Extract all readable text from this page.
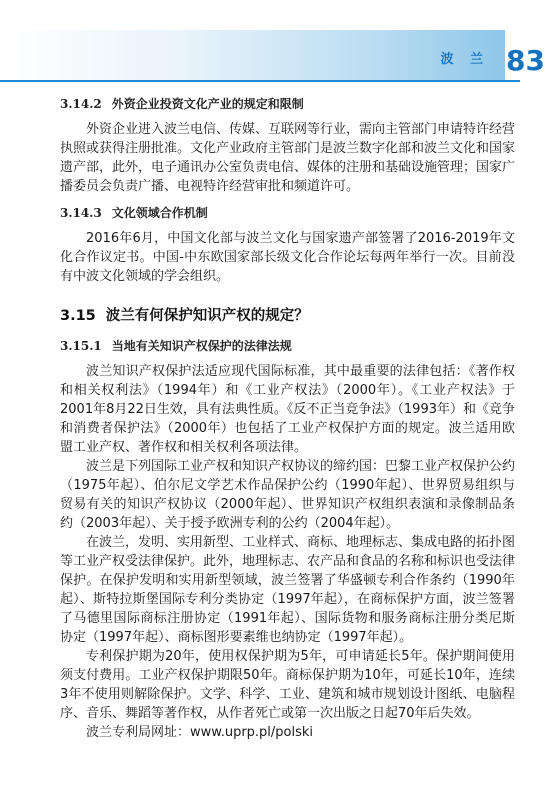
波 兰 83
3.14.2 外资企业投资文化产业的规定和限制

外资企业进入波兰电信、传媒、互联网等行业，需向主管部门申请特许经营执照或获得注册批准。文化产业政府主管部门是波兰数字化部和波兰文化和国家遗产部，此外，电子通讯办公室负责电信、媒体的注册和基础设施管理；国家广播委员会负责广播、电视特许经营审批和频道许可。

3.14.3 文化领域合作机制

2016年6月，中国文化部与波兰文化与国家遗产部签署了2016-2019年文化合作议定书。中国-中东欧国家部长级文化合作论坛每两年举行一次。目前没有中波文化领域的学会组织。

3.15 波兰有何保护知识产权的规定？
3.15.1 当地有关知识产权保护的法律法规

波兰知识产权保护法适应现代国际标准，其中最重要的法律包括：《著作权和相关权利法》（1994年）和《工业产权法》（2000年）。《工业产权法》于2001年8月22日生效，具有法典性质。《反不正当竞争法》（1993年）和《竞争和消费者保护法》（2000年）也包括了工业产权保护方面的规定。波兰适用欧盟工业产权、著作权和相关权利各项法律。

波兰是下列国际工业产权和知识产权协议的缔约国：巴黎工业产权保护公约（1975年起）、伯尔尼文学艺术作品保护公约（1990年起）、世界贸易组织与贸易有关的知识产权协议（2000年起）、世界知识产权组织表演和录像制品条约（2003年起）、关于授予欧洲专利的公约（2004年起）。

在波兰，发明、实用新型、工业样式、商标、地理标志、集成电路的拓扑图等工业产权受法律保护。此外，地理标志、农产品和食品的名称和标识也受法律保护。在保护发明和实用新型领域，波兰签署了华盛顿专利合作条约（1990年起）、斯特拉斯堡国际专利分类协定（1997年起），在商标保护方面，波兰签署了马德里国际商标注册协定（1991年起）、国际货物和服务商标注册分类尼斯协定（1997年起）、商标图形要素维也纳协定（1997年起）。

专利保护期为20年，使用权保护期为5年，可申请延长5年。保护期间使用须支付费用。工业产权保护期限50年。商标保护期为10年，可延长10年，连续3年不使用则解除保护。文学、科学、工业、建筑和城市规划设计图纸、电脑程序、音乐、舞蹈等著作权，从作者死亡或第一次出版之日起70年后失效。

波兰专利局网址：www.uprp.pl/polski
